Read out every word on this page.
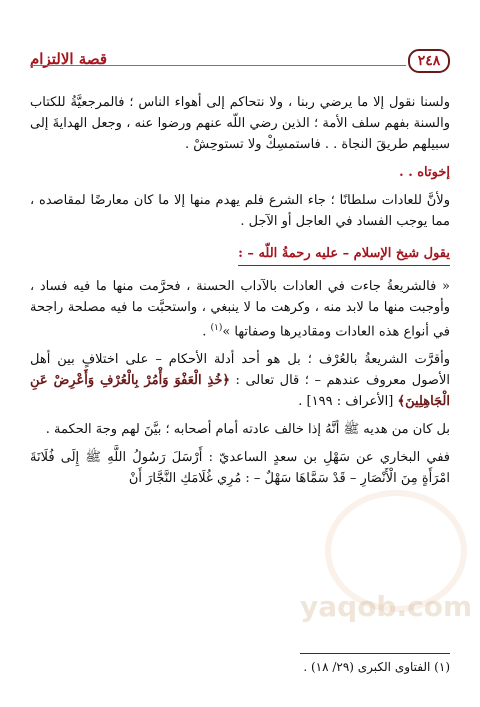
قصة الالتزام	٢٤٨

ولسنا نقول إلا ما يرضي ربنا ، ولا نتحاكم إلى أهواء الناس ؛ فالمرجعيَّةُ للكتاب والسنة بفهم سلف الأمة ؛ الذين رضي اللّه عنهم ورضوا عنه ، وجعل الهدايةَ إلى سبيلهم طريقَ النجاة . . فاستمسِكْ ولا تستوحِشْ .

إخوتاه . .

ولأنَّ للعادات سلطانًا ؛ جاء الشرع فلم يهدم منها إلا ما كان معارضًا لمقاصده ، مما يوجب الفساد في العاجل أو الآجل .

يقول شيخ الإسلام – عليه رحمةُ اللّه – :

« فالشريعةُ جاءت في العادات بالآداب الحسنة ، فحرَّمت منها ما فيه فساد ، وأوجبت منها ما لابد منه ، وكرهت ما لا ينبغي ، واستحبَّت ما فيه مصلحة راجحة في أنواع هذه العادات ومقاديرها وصفاتها »$^{(١)}$ .

وأقرَّت الشريعةُ بالعُرْف ؛ بل هو أحد أدلة الأحكام – على اختلافٍ بين أهل الأصول معروف عندهم – ؛ قال تعالى : ﴿خُذِ الْعَفْوَ وَأْمُرْ بِالْعُرْفِ وَأَعْرِضْ عَنِ الْجَاهِلِينَ﴾ [الأعراف : ١٩٩] .

بل كان من هديه ﷺ أنَّهُ إذا خالف عادته أمام أصحابه ؛ بيَّنَ لهم وجهَ الحكمة .

ففي البخاري عن سَهْلِ بن سعدٍ الساعديّ : أَرْسَلَ رَسُولُ اللَّهِ ﷺ إِلَى فُلَانَةَ امْرَأَةٍ مِنَ الْأَنْصَارِ – قَدْ سَمَّاهَا سَهْلٌ – : مُرِي غُلَامَكِ النَّجَّارَ أَنْ

yaqob.com
(١) الفتاوى الكبرى (٢٩/ ١٨) .
